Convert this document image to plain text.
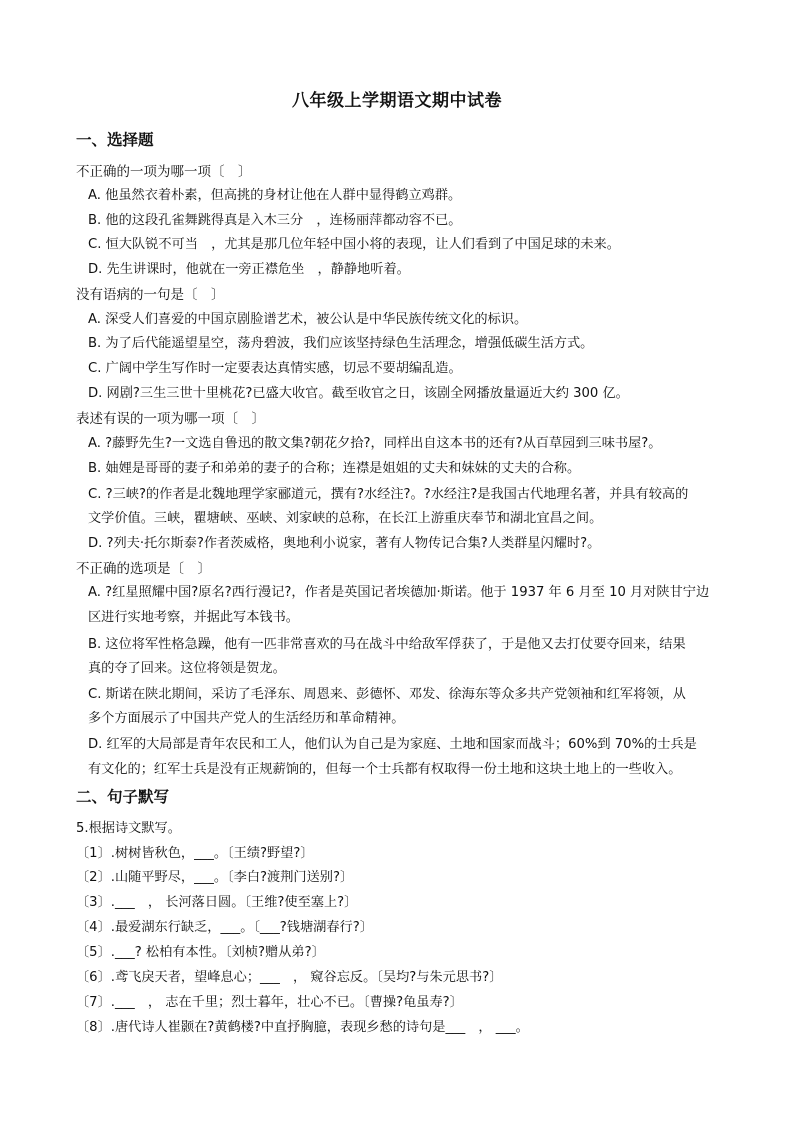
八年级上学期语文期中试卷
一、选择题
不正确的一项为哪一项〔　〕
A. 他虽然衣着朴素，但高挑的身材让他在人群中显得鹤立鸡群。
B. 他的这段孔雀舞跳得真是入木三分　，连杨丽萍都动容不已。
C. 恒大队锐不可当　，尤其是那几位年轻中国小将的表现，让人们看到了中国足球的未来。
D. 先生讲课时，他就在一旁正襟危坐　，静静地听着。
没有语病的一句是〔　〕
A. 深受人们喜爱的中国京剧脸谱艺术，被公认是中华民族传统文化的标识。
B. 为了后代能遥望星空，荡舟碧波，我们应该坚持绿色生活理念，增强低碳生活方式。
C. 广阔中学生写作时一定要表达真情实感，切忌不要胡编乱造。
D. 网剧?三生三世十里桃花?已盛大收官。截至收官之日，该剧全网播放量逼近大约 300 亿。
表述有误的一项为哪一项〔　〕
A. ?藤野先生?一文选自鲁迅的散文集?朝花夕拾?，同样出自这本书的还有?从百草园到三味书屋?。
B. 妯娌是哥哥的妻子和弟弟的妻子的合称；连襟是姐姐的丈夫和妹妹的丈夫的合称。
C. ?三峡?的作者是北魏地理学家郦道元，撰有?水经注?。?水经注?是我国古代地理名著，并具有较高的
文学价值。三峡，瞿塘峡、巫峡、刘家峡的总称，在长江上游重庆奉节和湖北宜昌之间。
D. ?列夫·托尔斯泰?作者茨威格，奥地利小说家，著有人物传记合集?人类群星闪耀时?。
不正确的选项是〔　〕
A. ?红星照耀中国?原名?西行漫记?，作者是英国记者埃德加·斯诺。他于 1937 年 6 月至 10 月对陕甘宁边
区进行实地考察，并据此写本钱书。
B. 这位将军性格急躁，他有一匹非常喜欢的马在战斗中给敌军俘获了，于是他又去打仗要夺回来，结果
真的夺了回来。这位将领是贺龙。
C. 斯诺在陕北期间，采访了毛泽东、周恩来、彭德怀、邓发、徐海东等众多共产党领袖和红军将领，从
多个方面展示了中国共产党人的生活经历和革命精神。
D. 红军的大局部是青年农民和工人，他们认为自己是为家庭、土地和国家而战斗；60%到 70%的士兵是
有文化的；红军士兵是没有正规薪饷的，但每一个士兵都有权取得一份土地和这块土地上的一些收入。
二、句子默写
5.根据诗文默写。
〔1〕.树树皆秋色，___。〔王绩?野望?〕
〔2〕.山随平野尽，___。〔李白?渡荆门送别?〕
〔3〕.___　， 长河落日圆。〔王维?使至塞上?〕
〔4〕.最爱湖东行缺乏，___。〔___?钱塘湖春行?〕
〔5〕.___? 松柏有本性。〔刘桢?赠从弟?〕
〔6〕.鸢飞戾天者，望峰息心；___　， 窥谷忘反。〔吴均?与朱元思书?〕
〔7〕.___　， 志在千里；烈士暮年，壮心不已。〔曹操?龟虽寿?〕
〔8〕.唐代诗人崔颢在?黄鹤楼?中直抒胸臆，表现乡愁的诗句是___　， ___。
